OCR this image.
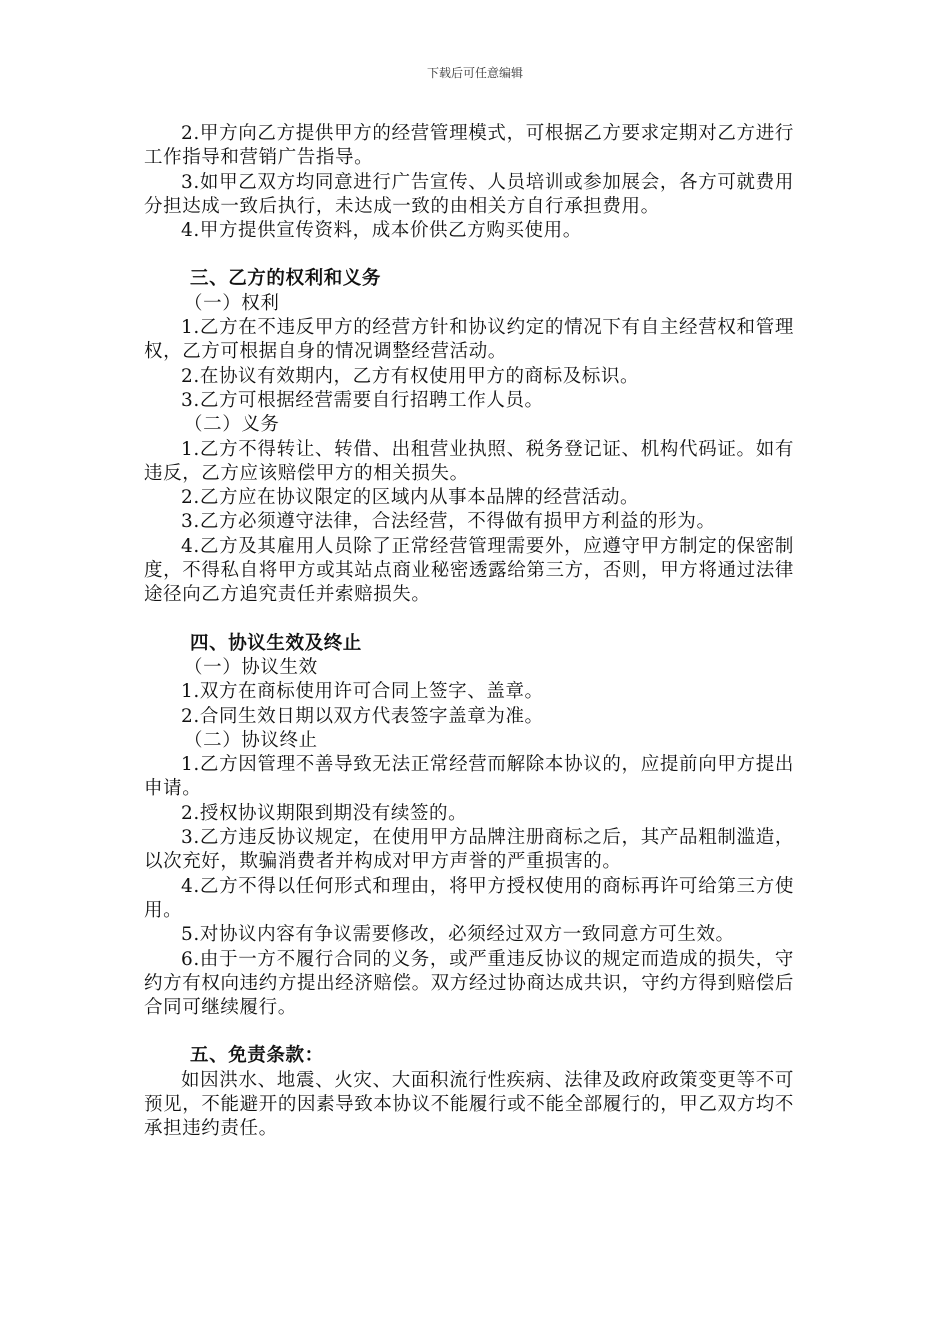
下载后可任意编辑

2.甲方向乙方提供甲方的经营管理模式，可根据乙方要求定期对乙方进行工作指导和营销广告指导。

3.如甲乙双方均同意进行广告宣传、人员培训或参加展会，各方可就费用分担达成一致后执行，未达成一致的由相关方自行承担费用。

4.甲方提供宣传资料，成本价供乙方购买使用。

三、乙方的权利和义务

（一）权利

1.乙方在不违反甲方的经营方针和协议约定的情况下有自主经营权和管理权，乙方可根据自身的情况调整经营活动。

2.在协议有效期内，乙方有权使用甲方的商标及标识。

3.乙方可根据经营需要自行招聘工作人员。

（二）义务

1.乙方不得转让、转借、出租营业执照、税务登记证、机构代码证。如有违反，乙方应该赔偿甲方的相关损失。

2.乙方应在协议限定的区域内从事本品牌的经营活动。

3.乙方必须遵守法律，合法经营，不得做有损甲方利益的形为。

4.乙方及其雇用人员除了正常经营管理需要外，应遵守甲方制定的保密制度，不得私自将甲方或其站点商业秘密透露给第三方，否则，甲方将通过法律途径向乙方追究责任并索赔损失。

四、协议生效及终止

（一）协议生效

1.双方在商标使用许可合同上签字、盖章。

2.合同生效日期以双方代表签字盖章为准。

（二）协议终止

1.乙方因管理不善导致无法正常经营而解除本协议的，应提前向甲方提出申请。

2.授权协议期限到期没有续签的。

3.乙方违反协议规定，在使用甲方品牌注册商标之后，其产品粗制滥造，以次充好，欺骗消费者并构成对甲方声誉的严重损害的。

4.乙方不得以任何形式和理由，将甲方授权使用的商标再许可给第三方使用。

5.对协议内容有争议需要修改，必须经过双方一致同意方可生效。

6.由于一方不履行合同的义务，或严重违反协议的规定而造成的损失，守约方有权向违约方提出经济赔偿。双方经过协商达成共识，守约方得到赔偿后合同可继续履行。

五、免责条款：

如因洪水、地震、火灾、大面积流行性疾病、法律及政府政策变更等不可预见，不能避开的因素导致本协议不能履行或不能全部履行的，甲乙双方均不承担违约责任。
